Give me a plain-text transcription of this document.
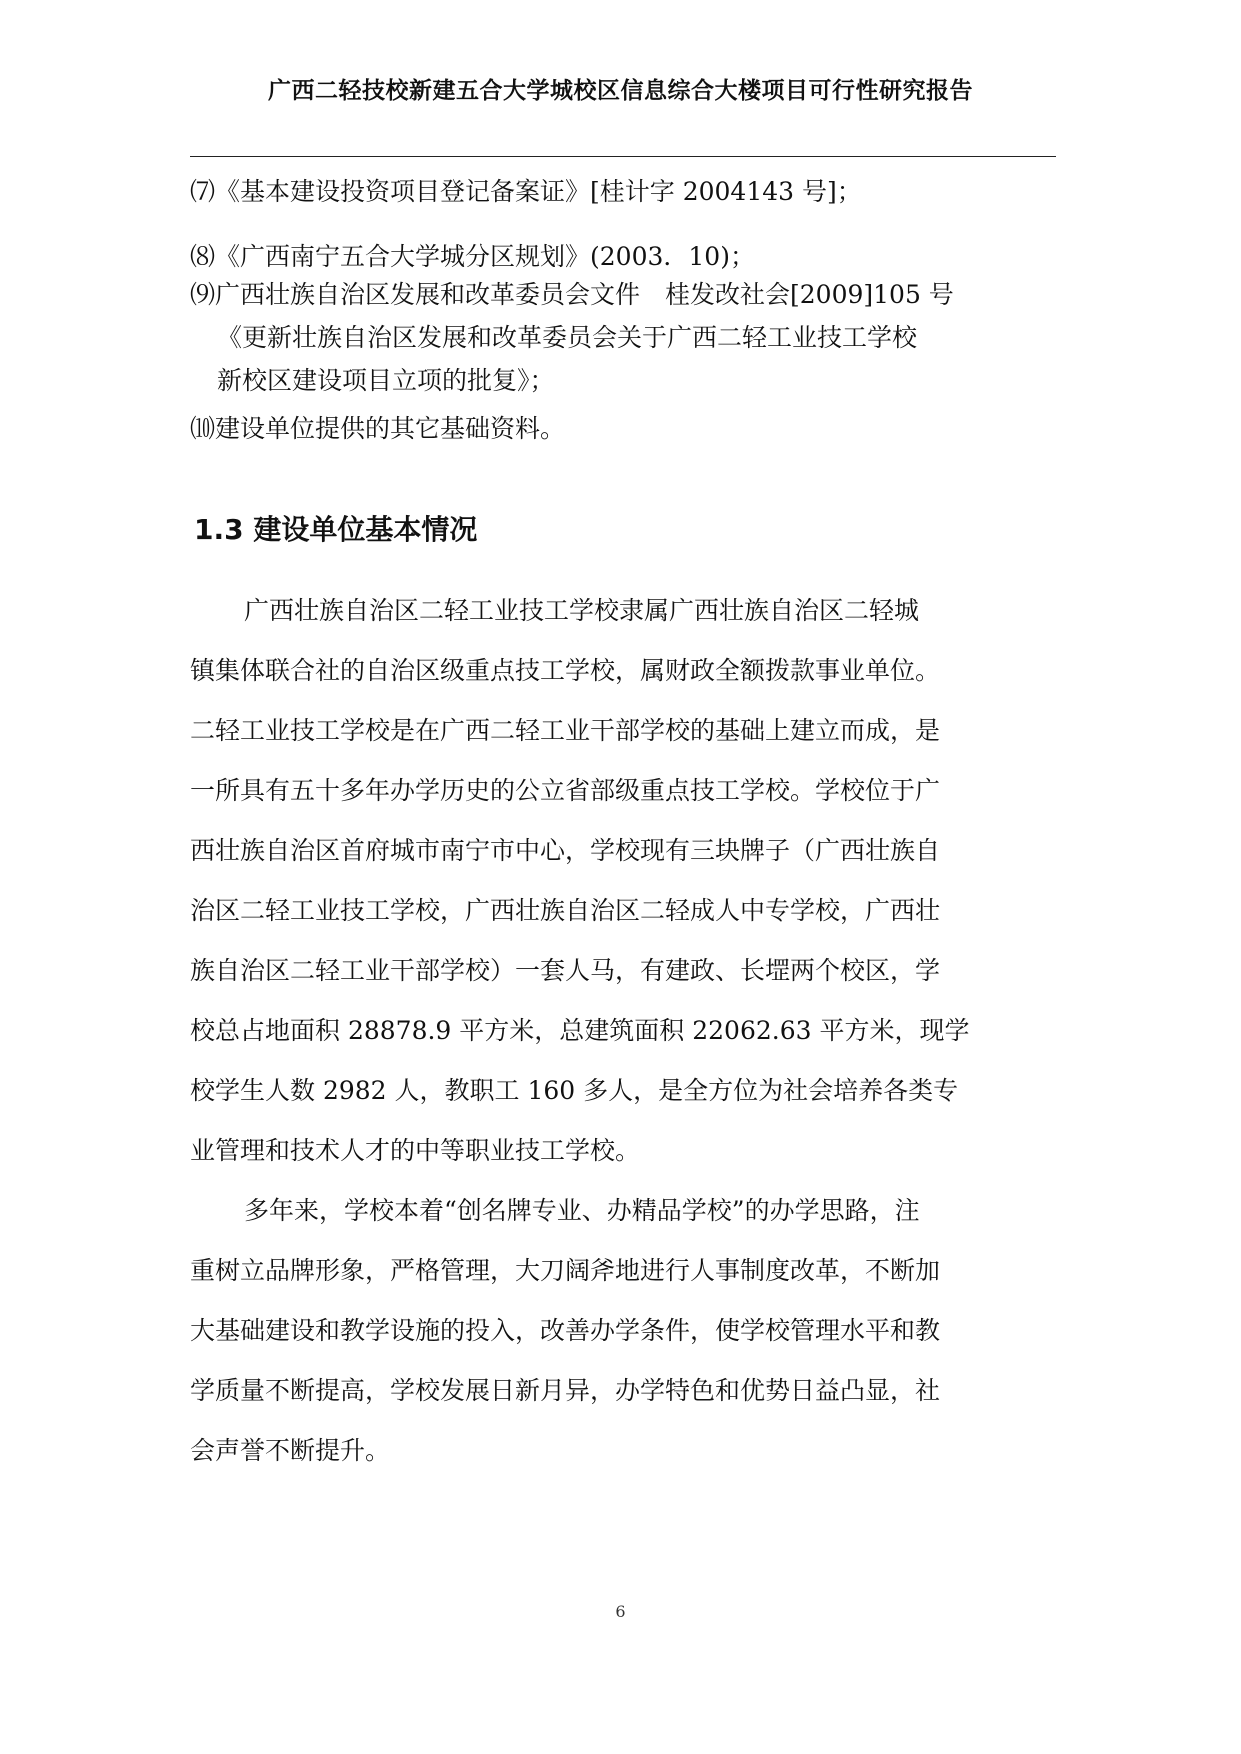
广西二轻技校新建五合大学城校区信息综合大楼项目可行性研究报告
⑺《基本建设投资项目登记备案证》[桂计字 2004143 号]；
⑻《广西南宁五合大学城分区规划》(2003．10)；
⑼广西壮族自治区发展和改革委员会文件　桂发改社会[2009]105 号
《更新壮族自治区发展和改革委员会关于广西二轻工业技工学校
新校区建设项目立项的批复》；
⑽建设单位提供的其它基础资料。
1.3 建设单位基本情况
广西壮族自治区二轻工业技工学校隶属广西壮族自治区二轻城
镇集体联合社的自治区级重点技工学校，属财政全额拨款事业单位。
二轻工业技工学校是在广西二轻工业干部学校的基础上建立而成，是
一所具有五十多年办学历史的公立省部级重点技工学校。学校位于广
西壮族自治区首府城市南宁市中心，学校现有三块牌子（广西壮族自
治区二轻工业技工学校，广西壮族自治区二轻成人中专学校，广西壮
族自治区二轻工业干部学校）一套人马，有建政、长堽两个校区，学
校总占地面积 28878.9 平方米，总建筑面积 22062.63 平方米，现学
校学生人数 2982 人，教职工 160 多人，是全方位为社会培养各类专
业管理和技术人才的中等职业技工学校。
多年来，学校本着“创名牌专业、办精品学校”的办学思路，注
重树立品牌形象，严格管理，大刀阔斧地进行人事制度改革，不断加
大基础建设和教学设施的投入，改善办学条件，使学校管理水平和教
学质量不断提高，学校发展日新月异，办学特色和优势日益凸显，社
会声誉不断提升。
6
